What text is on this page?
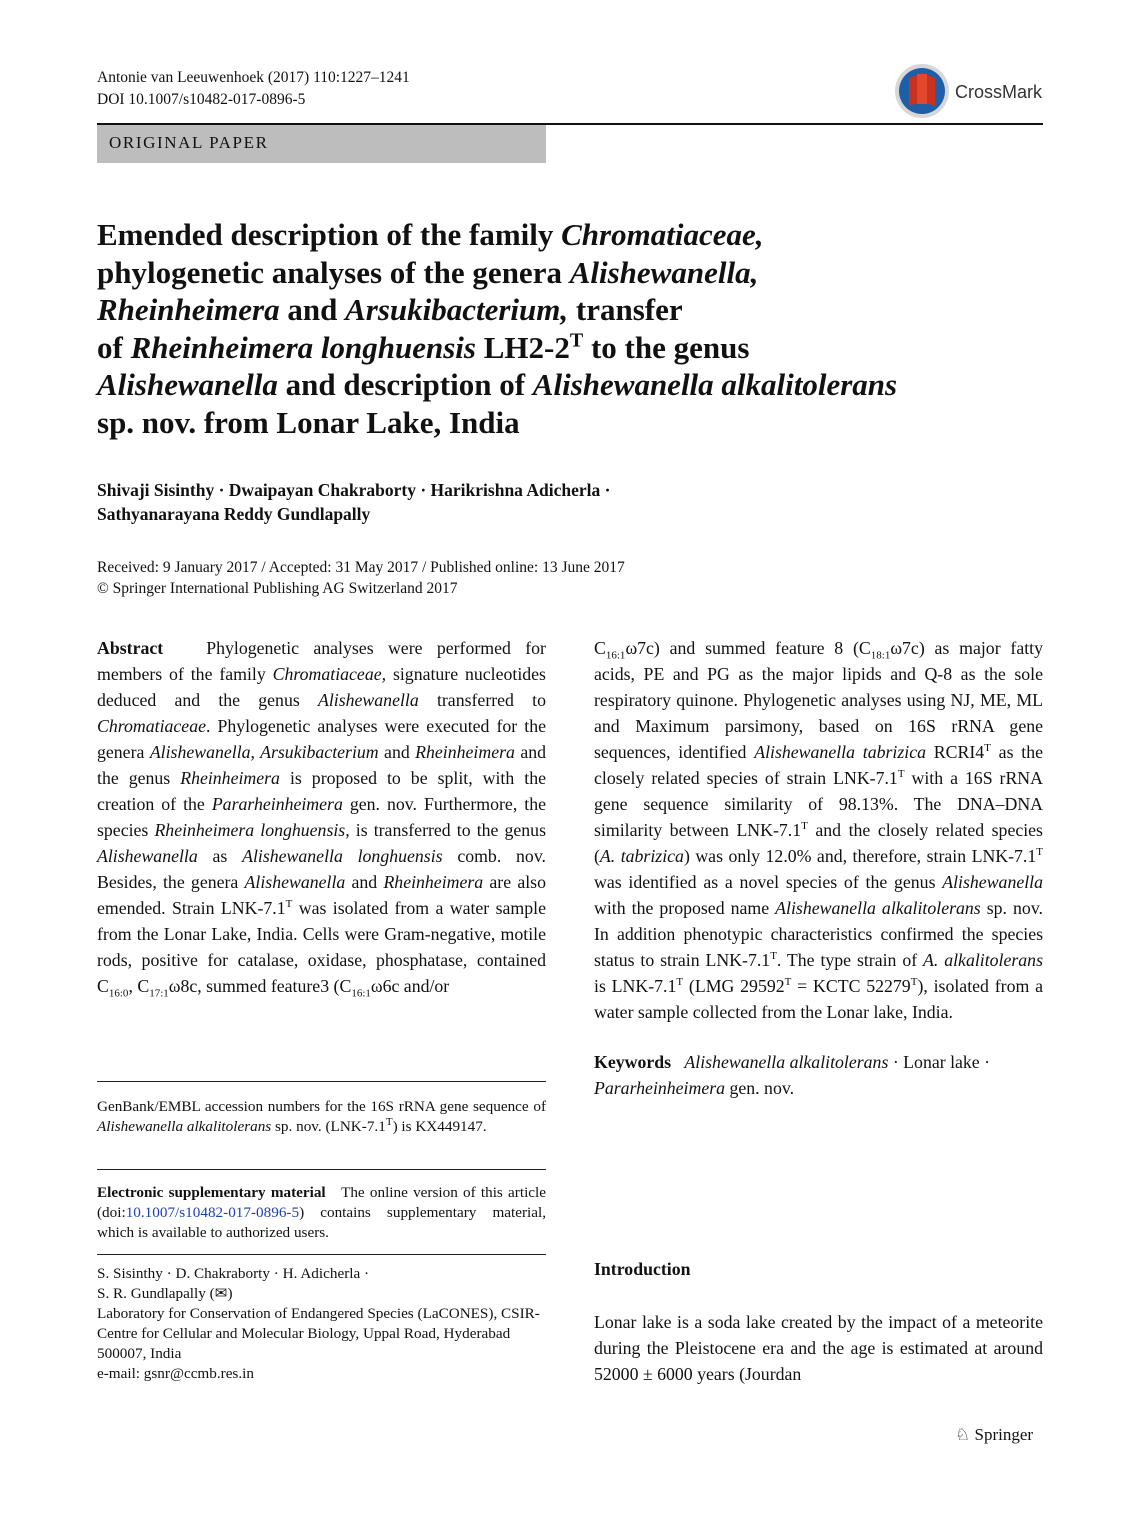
Antonie van Leeuwenhoek (2017) 110:1227–1241
DOI 10.1007/s10482-017-0896-5	CrossMark
ORIGINAL PAPER
Emended description of the family Chromatiaceae,
phylogenetic analyses of the genera Alishewanella,
Rheinheimera and Arsukibacterium, transfer
of Rheinheimera longhuensis $LH2-2^T$ to the genus
Alishewanella and description of Alishewanella alkalitolerans
sp. nov. from Lonar Lake, India
Shivaji Sisinthy · Dwaipayan Chakraborty · Harikrishna Adicherla ·
Sathyanarayana Reddy Gundlapally
Received: 9 January 2017 / Accepted: 31 May 2017 / Published online: 13 June 2017
© Springer International Publishing AG Switzerland 2017

Abstract Phylogenetic analyses were performed for members of the family Chromatiaceae, signature nucleotides deduced and the genus Alishewanella transferred to Chromatiaceae. Phylogenetic analyses were executed for the genera Alishewanella, Arsukibacterium and Rheinheimera and the genus Rheinheimera is proposed to be split, with the creation of the Pararheinheimera gen. nov. Furthermore, the species Rheinheimera longhuensis, is transferred to the genus Alishewanella as Alishewanella longhuensis comb. nov. Besides, the genera Alishewanella and Rheinheimera are also emended. Strain LNK-$7.1^T$ was isolated from a water sample from the Lonar Lake, India. Cells were Gram-negative, motile rods, positive for catalase, oxidase, phosphatase, contained $C_{16:0}$, $C_{17:1}\omega 8c$, summed feature3 ($C_{16:1}\omega 6c$ and/or

GenBank/EMBL accession numbers for the 16S rRNA gene sequence of Alishewanella alkalitolerans sp. nov. $(LNK-7.1^T)$ is KX449147.
Electronic supplementary material The online version of this article (doi:10.1007/s10482-017-0896-5) contains supplementary material, which is available to authorized users.
S. Sisinthy · D. Chakraborty · H. Adicherla ·
S. R. Gundlapally (✉)
Laboratory for Conservation of Endangered Species (LaCONES), CSIR-Centre for Cellular and Molecular Biology, Uppal Road, Hyderabad 500007, India
e-mail: gsnr@ccmb.res.in

$C_{16:1}\omega 7c$) and summed feature 8 $(C_{18:1}\omega 7c)$ as major fatty acids, PE and PG as the major lipids and Q-8 as the sole respiratory quinone. Phylogenetic analyses using NJ, ME, ML and Maximum parsimony, based on 16S rRNA gene sequences, identified Alishewanella tabrizica $RCRI4^T$ as the closely related species of strain LNK-$7.1^T$ with a 16S rRNA gene sequence similarity of 98.13%. The DNA–DNA similarity between LNK-$7.1^T$ and the closely related species (A. tabrizica) was only 12.0% and, therefore, strain LNK-$7.1^T$ was identified as a novel species of the genus Alishewanella with the proposed name Alishewanella alkalitolerans sp. nov. In addition phenotypic characteristics confirmed the species status to strain LNK-$7.1^T$. The type strain of A. alkalitolerans is LNK-$7.1^T$ (LMG $29592^T$ = KCTC $52279^T$), isolated from a water sample collected from the Lonar lake, India.

Keywords Alishewanella alkalitolerans · Lonar lake · Pararheinheimera gen. nov.

Introduction
Lonar lake is a soda lake created by the impact of a meteorite during the Pleistocene era and the age is estimated at around 52000 ± 6000 years (Jourdan
♘ Springer
